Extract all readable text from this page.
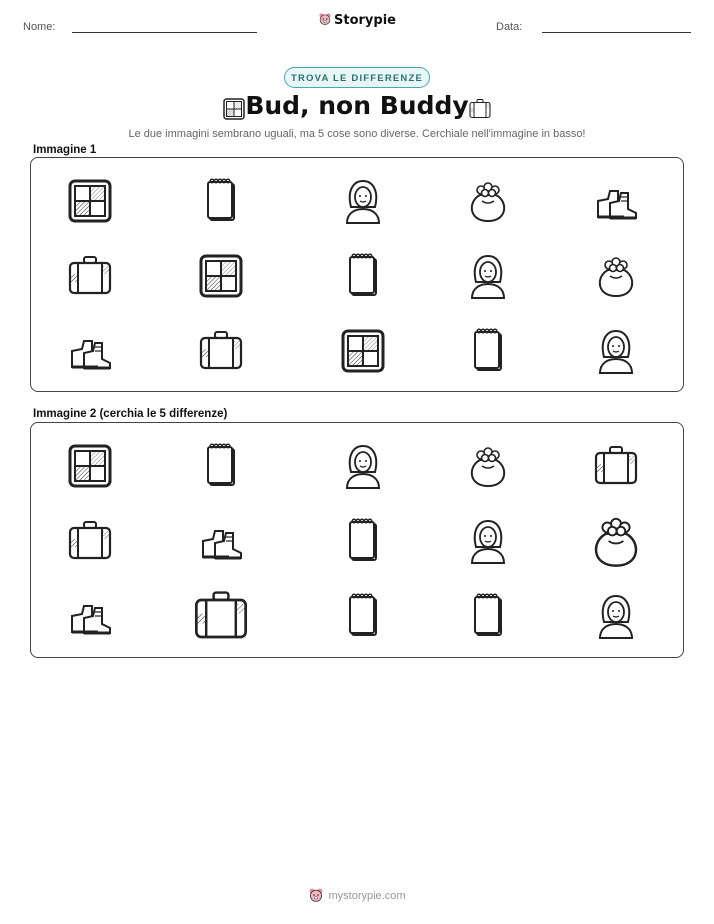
Nome:	Data:
Storypie
TROVA LE DIFFERENZE
Bud, non Buddy
Le due immagini sembrano uguali, ma 5 cose sono diverse. Cerchiale nell'immagine in basso!
Immagine 1
Immagine 2 (cerchia le 5 differenze)
mystorypie.com
